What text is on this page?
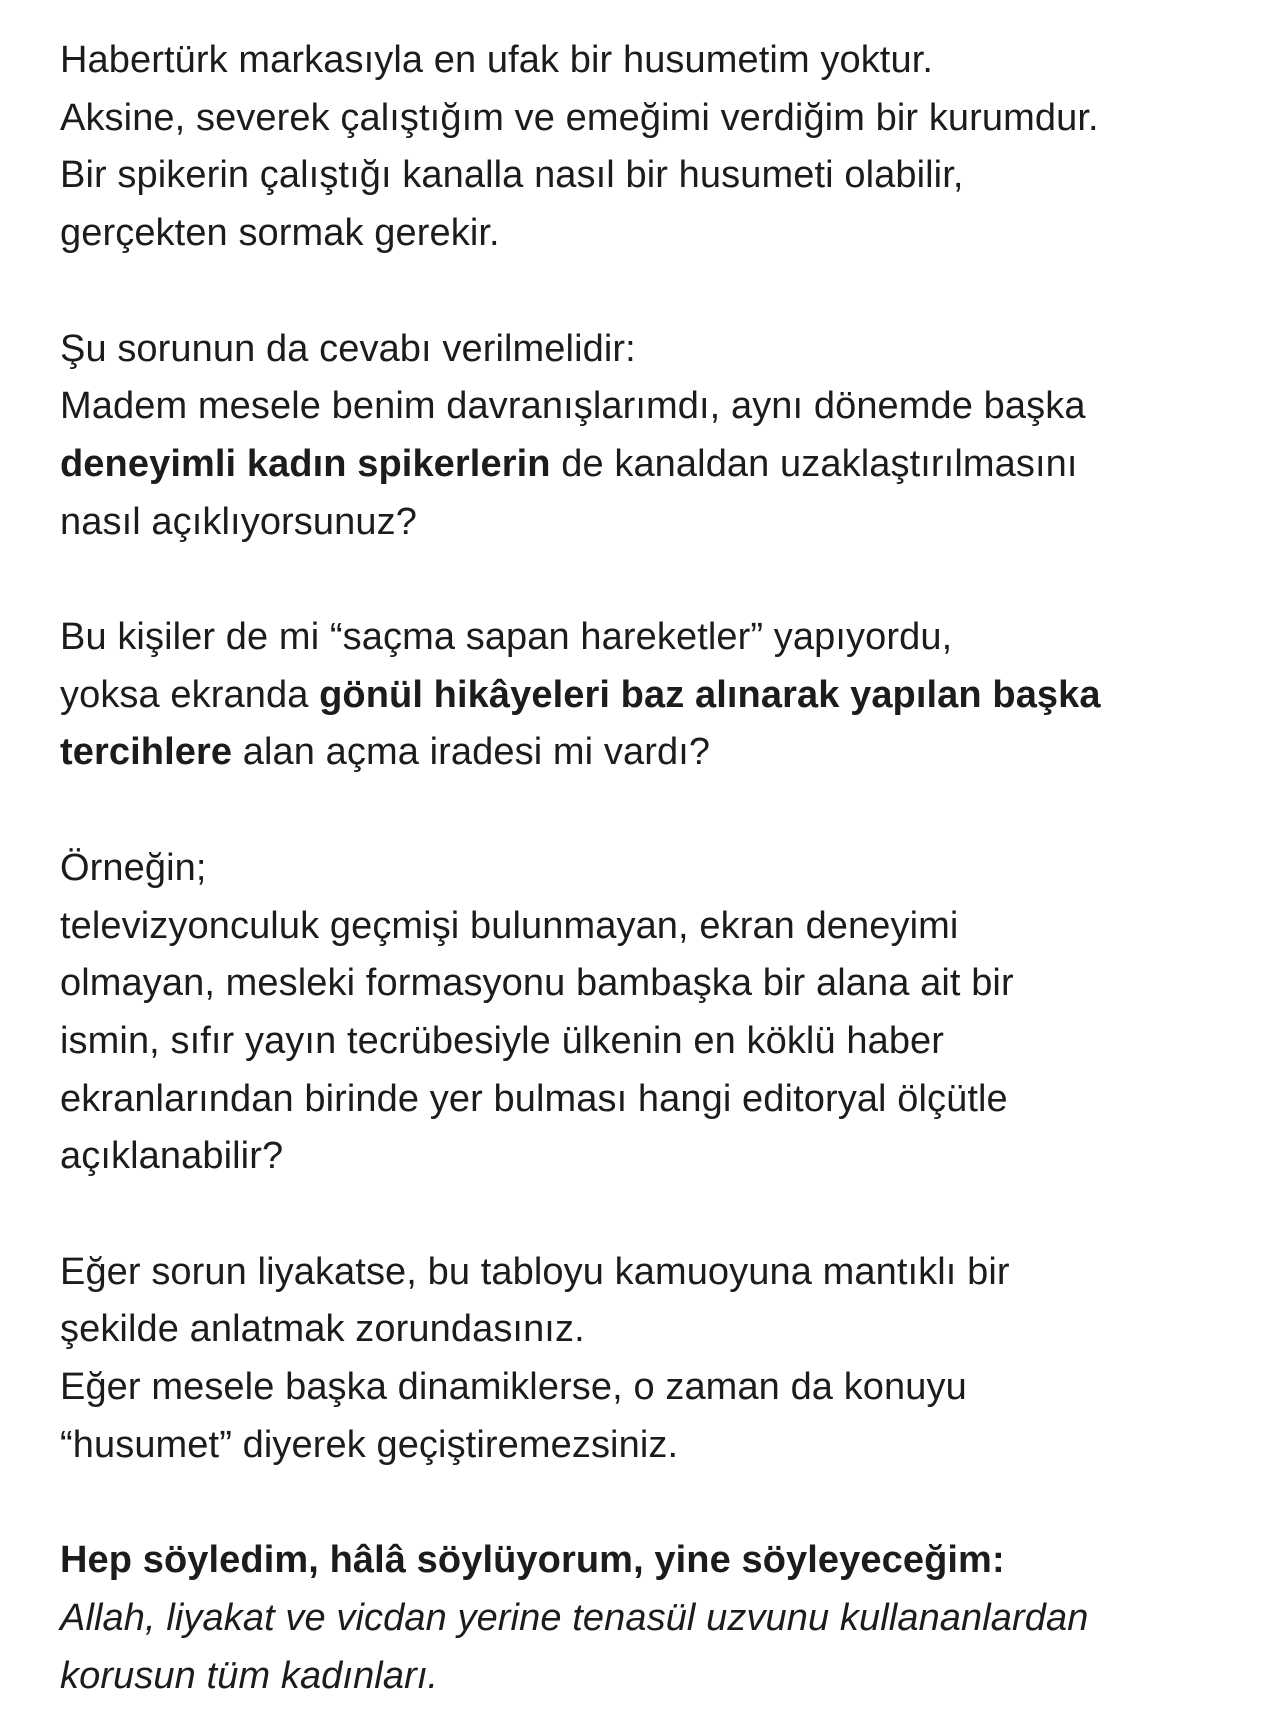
Habertürk markasıyla en ufak bir husumetim yoktur.
Aksine, severek çalıştığım ve emeğimi verdiğim bir kurumdur.
Bir spikerin çalıştığı kanalla nasıl bir husumeti olabilir,
gerçekten sormak gerekir.
Şu sorunun da cevabı verilmelidir:
Madem mesele benim davranışlarımdı, aynı dönemde başka
deneyimli kadın spikerlerin de kanaldan uzaklaştırılmasını
nasıl açıklıyorsunuz?
Bu kişiler de mi “saçma sapan hareketler” yapıyordu,
yoksa ekranda gönül hikâyeleri baz alınarak yapılan başka
tercihlere alan açma iradesi mi vardı?
Örneğin;
televizyonculuk geçmişi bulunmayan, ekran deneyimi
olmayan, mesleki formasyonu bambaşka bir alana ait bir
ismin, sıfır yayın tecrübesiyle ülkenin en köklü haber
ekranlarından birinde yer bulması hangi editoryal ölçütle
açıklanabilir?
Eğer sorun liyakatse, bu tabloyu kamuoyuna mantıklı bir
şekilde anlatmak zorundasınız.
Eğer mesele başka dinamiklerse, o zaman da konuyu
“husumet” diyerek geçiştiremezsiniz.
Hep söyledim, hâlâ söylüyorum, yine söyleyeceğim:
Allah, liyakat ve vicdan yerine tenasül uzvunu kullananlardan
korusun tüm kadınları.
